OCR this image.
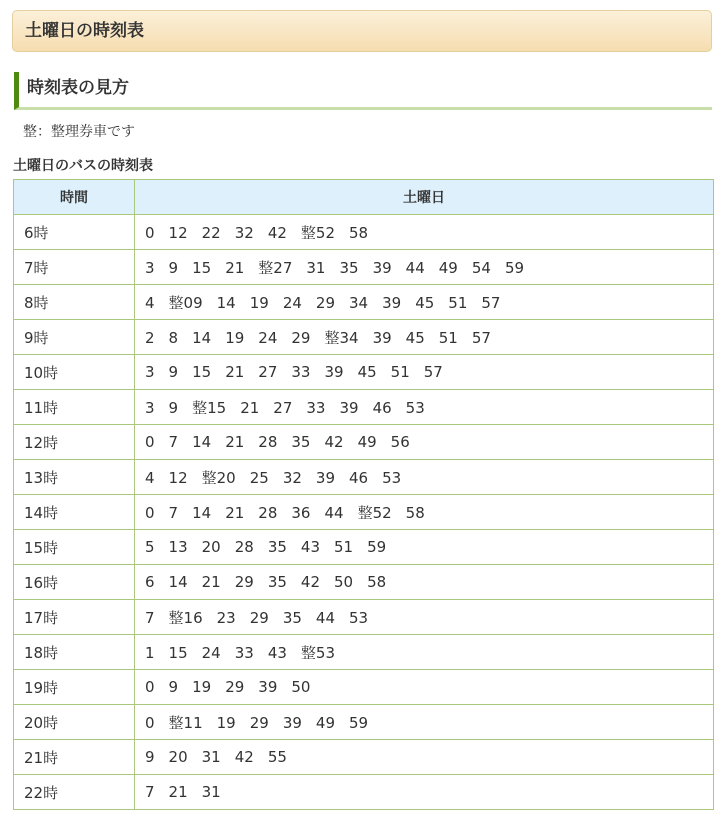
土曜日の時刻表
時刻表の見方
整：整理券車です
土曜日のバスの時刻表
時間	土曜日
6時	0 12 22 32 42 整52 58
7時	3 9 15 21 整27 31 35 39 44 49 54 59
8時	4 整09 14 19 24 29 34 39 45 51 57
9時	2 8 14 19 24 29 整34 39 45 51 57
10時	3 9 15 21 27 33 39 45 51 57
11時	3 9 整15 21 27 33 39 46 53
12時	0 7 14 21 28 35 42 49 56
13時	4 12 整20 25 32 39 46 53
14時	0 7 14 21 28 36 44 整52 58
15時	5 13 20 28 35 43 51 59
16時	6 14 21 29 35 42 50 58
17時	7 整16 23 29 35 44 53
18時	1 15 24 33 43 整53
19時	0 9 19 29 39 50
20時	0 整11 19 29 39 49 59
21時	9 20 31 42 55
22時	7 21 31
